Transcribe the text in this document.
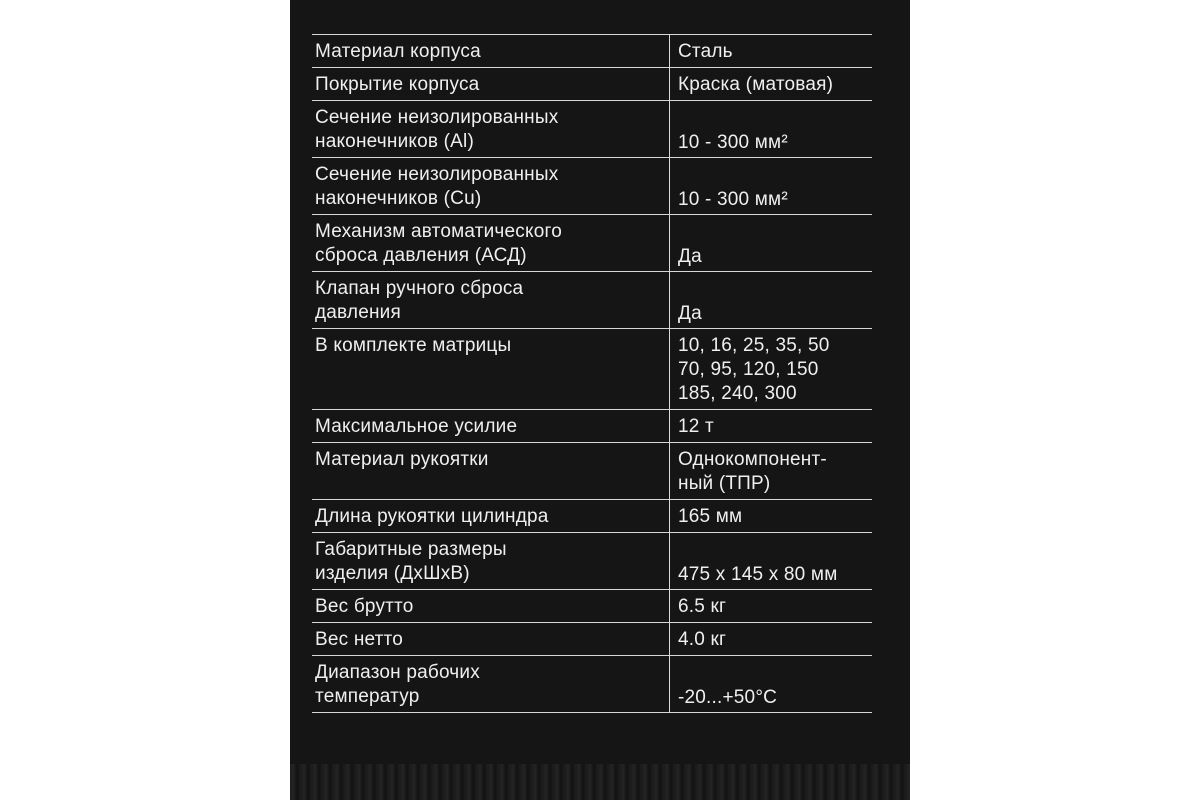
Материал корпуса	Сталь
Покрытие корпуса	Краска (матовая)
Сечение неизолированных
наконечников (Al)	10 - 300 мм²
Сечение неизолированных
наконечников (Cu)	10 - 300 мм²
Механизм автоматического
сброса давления (АСД)	Да
Клапан ручного сброса
давления	Да
В комплекте матрицы	10, 16, 25, 35, 50
70, 95, 120, 150
185, 240, 300
Максимальное усилие	12 т
Материал рукоятки	Однокомпонент-
ный (ТПР)
Длина рукоятки цилиндра	165 мм
Габаритные размеры
изделия (ДхШхВ)	475 х 145 х 80 мм
Вес брутто	6.5 кг
Вес нетто	4.0 кг
Диапазон рабочих
температур	-20...+50°C
